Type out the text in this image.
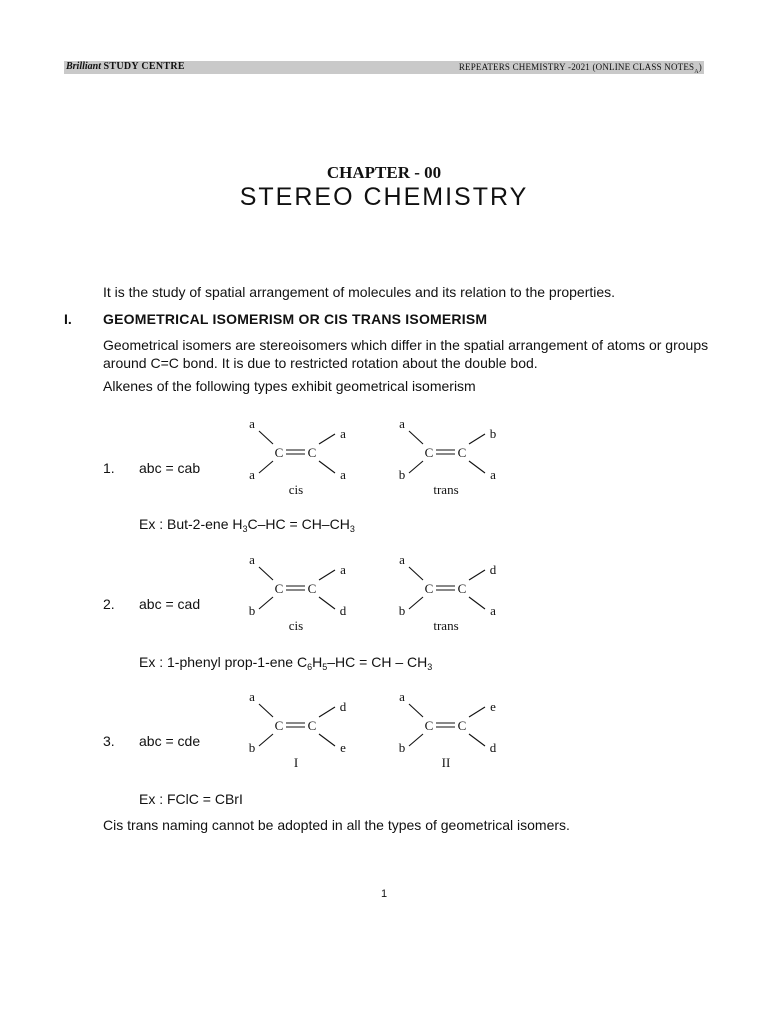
Brilliant STUDY CENTRE	REPEATERS CHEMISTRY -2021 (ONLINE CLASS $NOTES_A$)
CHAPTER - 00
STEREO CHEMISTRY
It is the study of spatial arrangement of molecules and its relation to the properties.
I. GEOMETRICAL ISOMERISM OR CIS TRANS ISOMERISM
Geometrical isomers are stereoisomers which differ in the spatial arrangement of atoms or groups around C=C bond. It is due to restricted rotation about the double bod.
Alkenes of the following types exhibit geometrical isomerism
1. abc = cab
a
a
a	a
C C
cis
a
b
b	a
C C
trans
Ex : But-2-ene $H_3C-HC = CH-CH_3$
2. abc = cad
a
a
b	d
C C
cis
a
d
b	a
C C
trans
Ex : 1-phenyl prop-1-ene $C_6H_5-HC$ = CH – $CH_3$
3. abc = cde
a
d
b	e
C C
I
a
e
b	d
C C
II
Ex : FClC = CBrI
Cis trans naming cannot be adopted in all the types of geometrical isomers.
1
